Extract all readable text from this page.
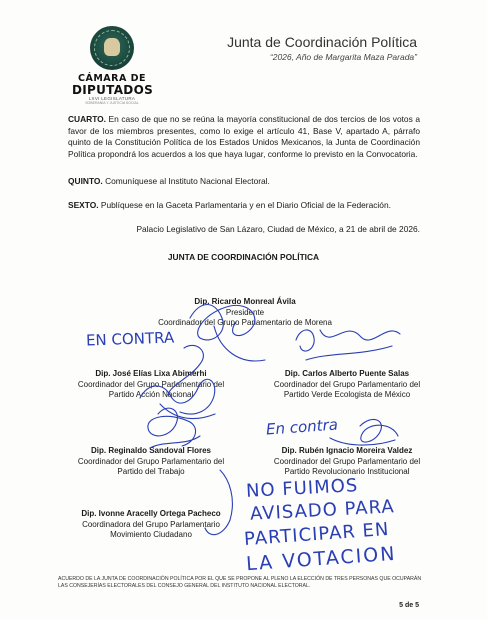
CÁMARA DE
DIPUTADOS
LXVI LEGISLATURA
SOBERANÍA Y JUSTICIA SOCIAL
Junta de Coordinación Política
“2026, Año de Margarita Maza Parada”
CUARTO. En caso de que no se reúna la mayoría constitucional de dos tercios de los votos a favor de los miembros presentes, como lo exige el artículo 41, Base V, apartado A, párrafo quinto de la Constitución Política de los Estados Unidos Mexicanos, la Junta de Coordinación Política propondrá los acuerdos a los que haya lugar, conforme lo previsto en la Convocatoria.
QUINTO. Comuníquese al Instituto Nacional Electoral.
SEXTO. Publíquese en la Gaceta Parlamentaria y en el Diario Oficial de la Federación.
Palacio Legislativo de San Lázaro, Ciudad de México, a 21 de abril de 2026.
JUNTA DE COORDINACIÓN POLÍTICA
Dip. Ricardo Monreal Ávila
Presidente
Coordinador del Grupo Parlamentario de Morena
Dip. José Elías Lixa Abimerhi
Coordinador del Grupo Parlamentario del
Partido Acción Nacional
Dip. Carlos Alberto Puente Salas
Coordinador del Grupo Parlamentario del
Partido Verde Ecologista de México
Dip. Reginaldo Sandoval Flores
Coordinador del Grupo Parlamentario del
Partido del Trabajo
Dip. Rubén Ignacio Moreira Valdez
Coordinador del Grupo Parlamentario del
Partido Revolucionario Institucional
Dip. Ivonne Aracelly Ortega Pacheco
Coordinadora del Grupo Parlamentario
Movimiento Ciudadano
EN CONTRA
En contra
NO FUIMOS
AVISADO PARA
PARTICIPAR EN
LA VOTACION
ACUERDO DE LA JUNTA DE COORDINACIÓN POLÍTICA POR EL QUE SE PROPONE AL PLENO LA ELECCIÓN DE TRES PERSONAS QUE OCUPARÁN LAS CONSEJERÍAS ELECTORALES DEL CONSEJO GENERAL DEL INSTITUTO NACIONAL ELECTORAL.
5 de 5
